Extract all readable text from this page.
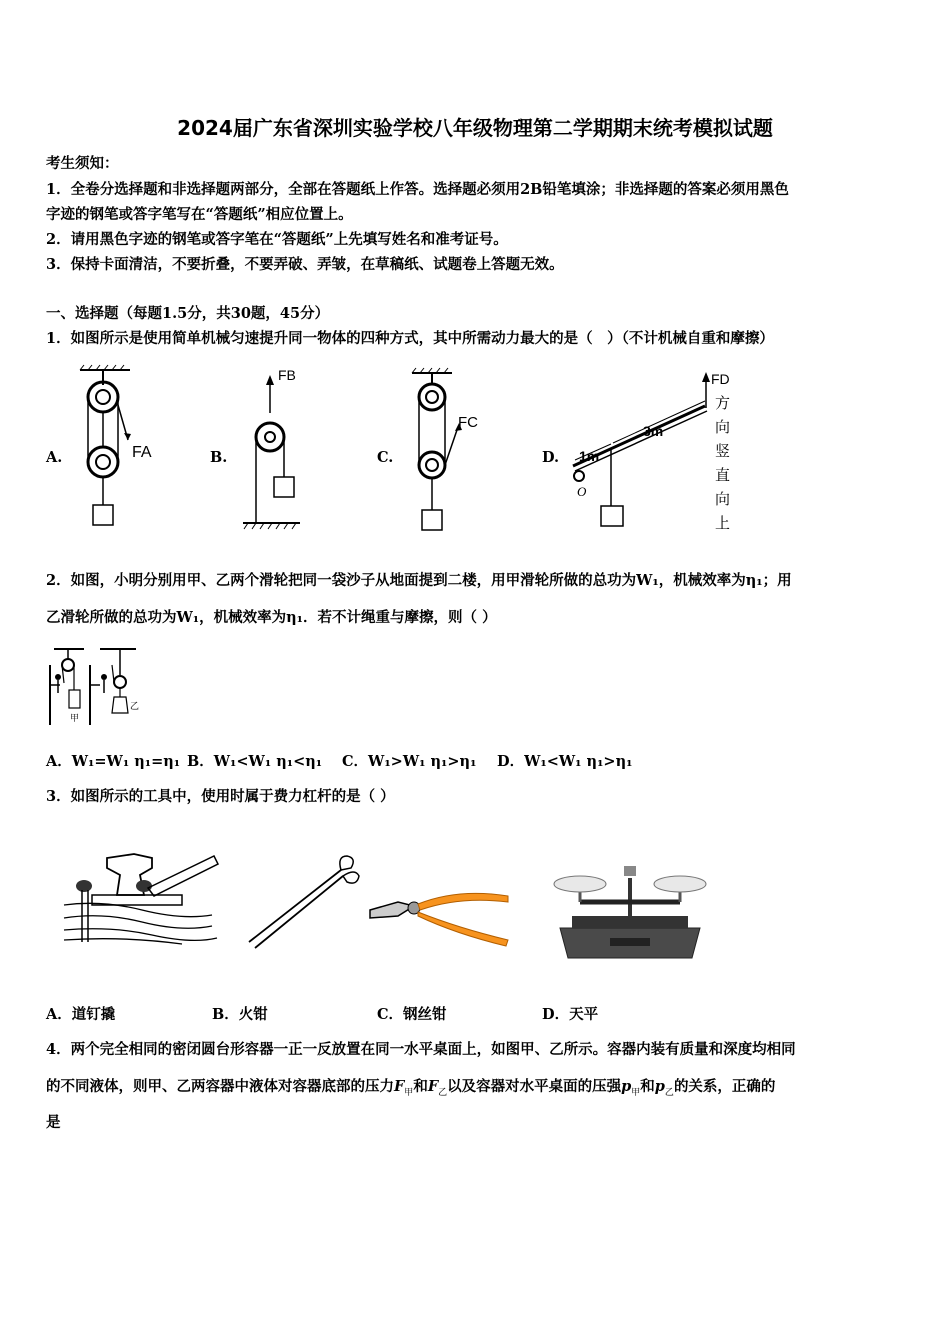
2024届广东省深圳实验学校八年级物理第二学期期末统考模拟试题
考生须知：
1．全卷分选择题和非选择题两部分，全部在答题纸上作答。选择题必须用2B铅笔填涂；非选择题的答案必须用黑色
字迹的钢笔或答字笔写在“答题纸”相应位置上。
2．请用黑色字迹的钢笔或答字笔在“答题纸”上先填写姓名和准考证号。
3．保持卡面清洁，不要折叠，不要弄破、弄皱，在草稿纸、试题卷上答题无效。
一、选择题（每题1.5分，共30题，45分）
1．如图所示是使用简单机械匀速提升同一物体的四种方式，其中所需动力最大的是（　）（不计机械自重和摩擦）
A.	B.	C.	D.
FA
FB
FC
O
FD
1m
3m
方
向
竖
直
向
上
2．如图，小明分别用甲、乙两个滑轮把同一袋沙子从地面提到二楼，用甲滑轮所做的总功为W₁，机械效率为η₁；用
乙滑轮所做的总功为W₁，机械效率为η₁．若不计绳重与摩擦，则（ ）
甲
乙
A．W₁=W₁ η₁=η₁ B．W₁<W₁ η₁<η₁ C．W₁>W₁ η₁>η₁ D．W₁<W₁ η₁>η₁
3．如图所示的工具中，使用时属于费力杠杆的是（ ）
A．道钉撬	B．火钳	C．钢丝钳	D．天平
4．两个完全相同的密闭圆台形容器一正一反放置在同一水平桌面上，如图甲、乙所示。容器内装有质量和深度均相同
的不同液体，则甲、乙两容器中液体对容器底部的压力$F_甲$和$F_乙$以及容器对水平桌面的压强$p_甲$和$p_乙$的关系，正确的
是
